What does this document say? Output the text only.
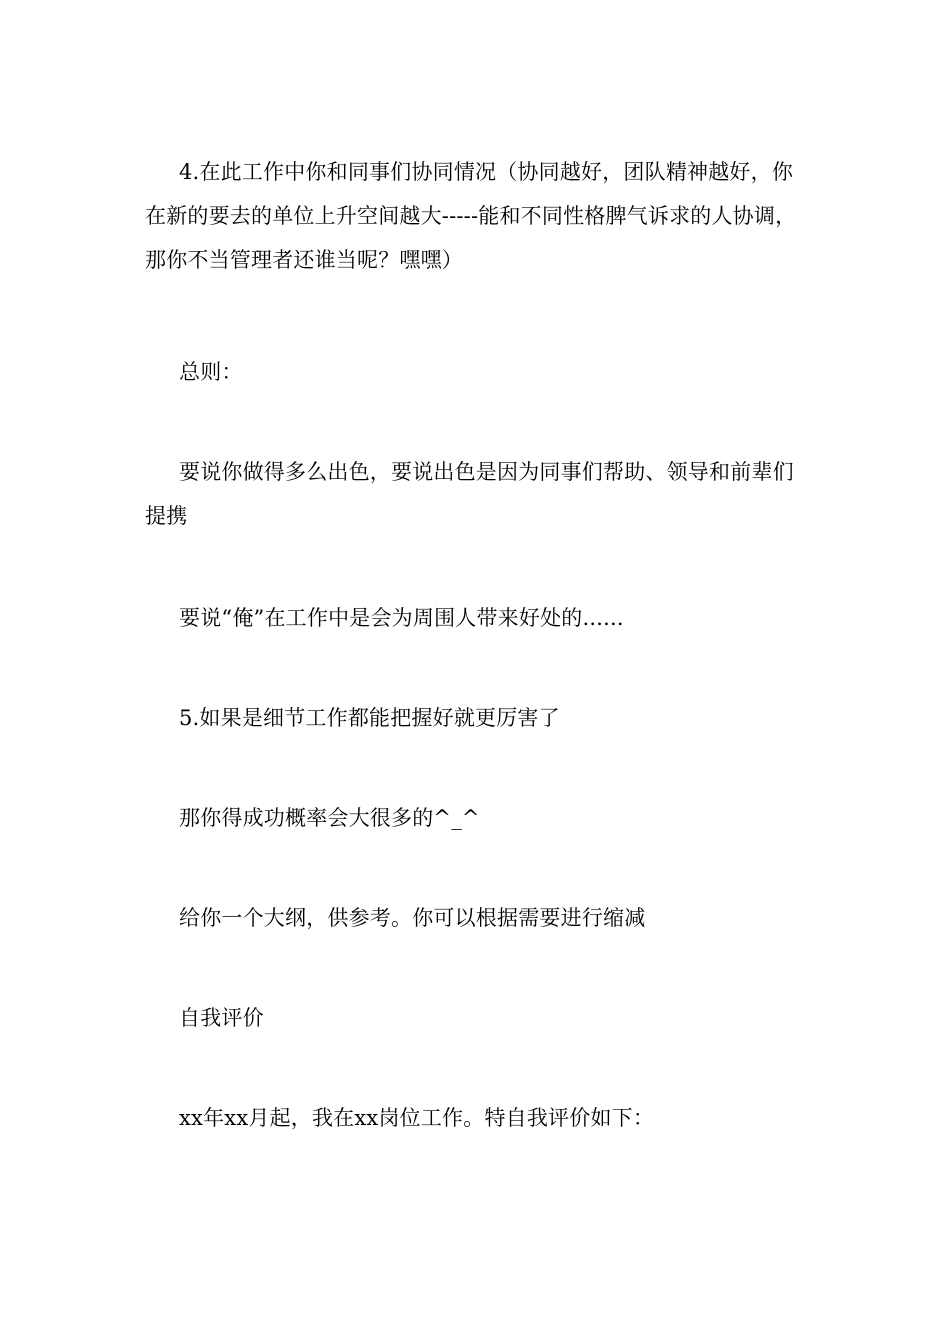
4.在此工作中你和同事们协同情况（协同越好，团队精神越好，你在新的要去的单位上升空间越大-----能和不同性格脾气诉求的人协调，那你不当管理者还谁当呢？嘿嘿）

总则：

要说你做得多么出色，要说出色是因为同事们帮助、领导和前辈们提携

要说“俺”在工作中是会为周围人带来好处的......

5.如果是细节工作都能把握好就更厉害了

那你得成功概率会大很多的^_^

给你一个大纲，供参考。你可以根据需要进行缩减

自我评价

xx年xx月起，我在xx岗位工作。特自我评价如下：
